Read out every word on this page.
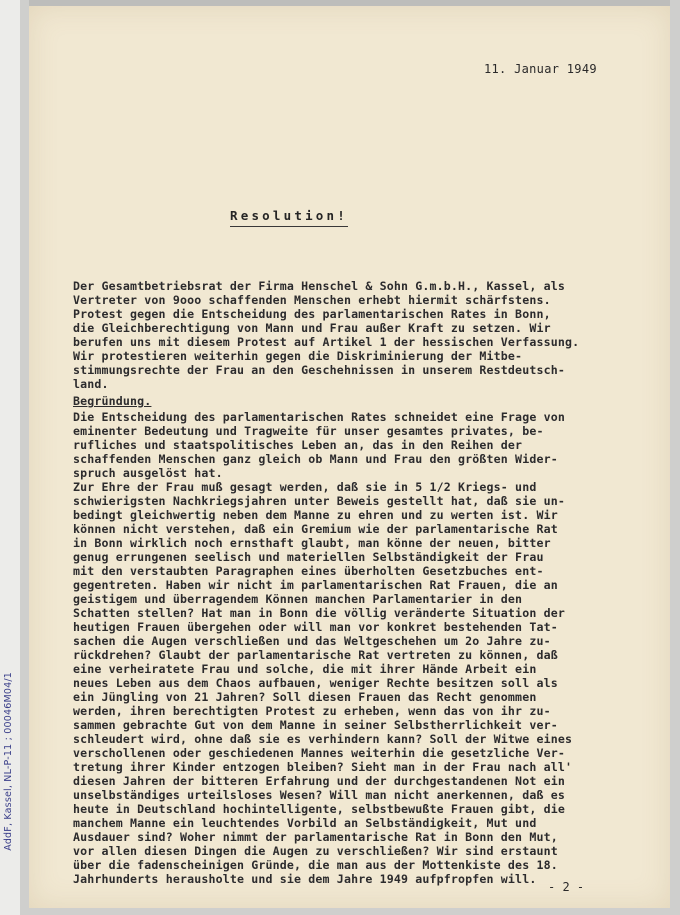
AddF, Kassel, NL-P-11 ; 00046M04/1
11. Januar 1949
Resolution!
Der Gesamtbetriebsrat der Firma Henschel & Sohn G.m.b.H., Kassel, als
Vertreter von 9ooo schaffenden Menschen erhebt hiermit schärfstens.
Protest gegen die Entscheidung des parlamentarischen Rates in Bonn,
die Gleichberechtigung von Mann und Frau außer Kraft zu setzen. Wir
berufen uns mit diesem Protest auf Artikel 1 der hessischen Verfassung.
Wir protestieren weiterhin gegen die Diskriminierung der Mitbe-
stimmungsrechte der Frau an den Geschehnissen in unserem Restdeutsch-
land.
Begründung.
Die Entscheidung des parlamentarischen Rates schneidet eine Frage von
eminenter Bedeutung und Tragweite für unser gesamtes privates, be-
rufliches und staatspolitisches Leben an, das in den Reihen der
schaffenden Menschen ganz gleich ob Mann und Frau den größten Wider-
spruch ausgelöst hat.
Zur Ehre der Frau muß gesagt werden, daß sie in 5 1/2 Kriegs- und
schwierigsten Nachkriegsjahren unter Beweis gestellt hat, daß sie un-
bedingt gleichwertig neben dem Manne zu ehren und zu werten ist. Wir
können nicht verstehen, daß ein Gremium wie der parlamentarische Rat
in Bonn wirklich noch ernsthaft glaubt, man könne der neuen, bitter
genug errungenen seelisch und materiellen Selbständigkeit der Frau
mit den verstaubten Paragraphen eines überholten Gesetzbuches ent-
gegentreten. Haben wir nicht im parlamentarischen Rat Frauen, die an
geistigem und überragendem Können manchen Parlamentarier in den
Schatten stellen? Hat man in Bonn die völlig veränderte Situation der
heutigen Frauen übergehen oder will man vor konkret bestehenden Tat-
sachen die Augen verschließen und das Weltgeschehen um 2o Jahre zu-
rückdrehen? Glaubt der parlamentarische Rat vertreten zu können, daß
eine verheiratete Frau und solche, die mit ihrer Hände Arbeit ein
neues Leben aus dem Chaos aufbauen, weniger Rechte besitzen soll als
ein Jüngling von 21 Jahren? Soll diesen Frauen das Recht genommen
werden, ihren berechtigten Protest zu erheben, wenn das von ihr zu-
sammen gebrachte Gut von dem Manne in seiner Selbstherrlichkeit ver-
schleudert wird, ohne daß sie es verhindern kann? Soll der Witwe eines
verschollenen oder geschiedenen Mannes weiterhin die gesetzliche Ver-
tretung ihrer Kinder entzogen bleiben? Sieht man in der Frau nach all'
diesen Jahren der bitteren Erfahrung und der durchgestandenen Not ein
unselbständiges urteilsloses Wesen? Will man nicht anerkennen, daß es
heute in Deutschland hochintelligente, selbstbewußte Frauen gibt, die
manchem Manne ein leuchtendes Vorbild an Selbständigkeit, Mut und
Ausdauer sind? Woher nimmt der parlamentarische Rat in Bonn den Mut,
vor allen diesen Dingen die Augen zu verschließen? Wir sind erstaunt
über die fadenscheinigen Gründe, die man aus der Mottenkiste des 18.
Jahrhunderts herausholte und sie dem Jahre 1949 aufpfropfen will.
- 2 -
